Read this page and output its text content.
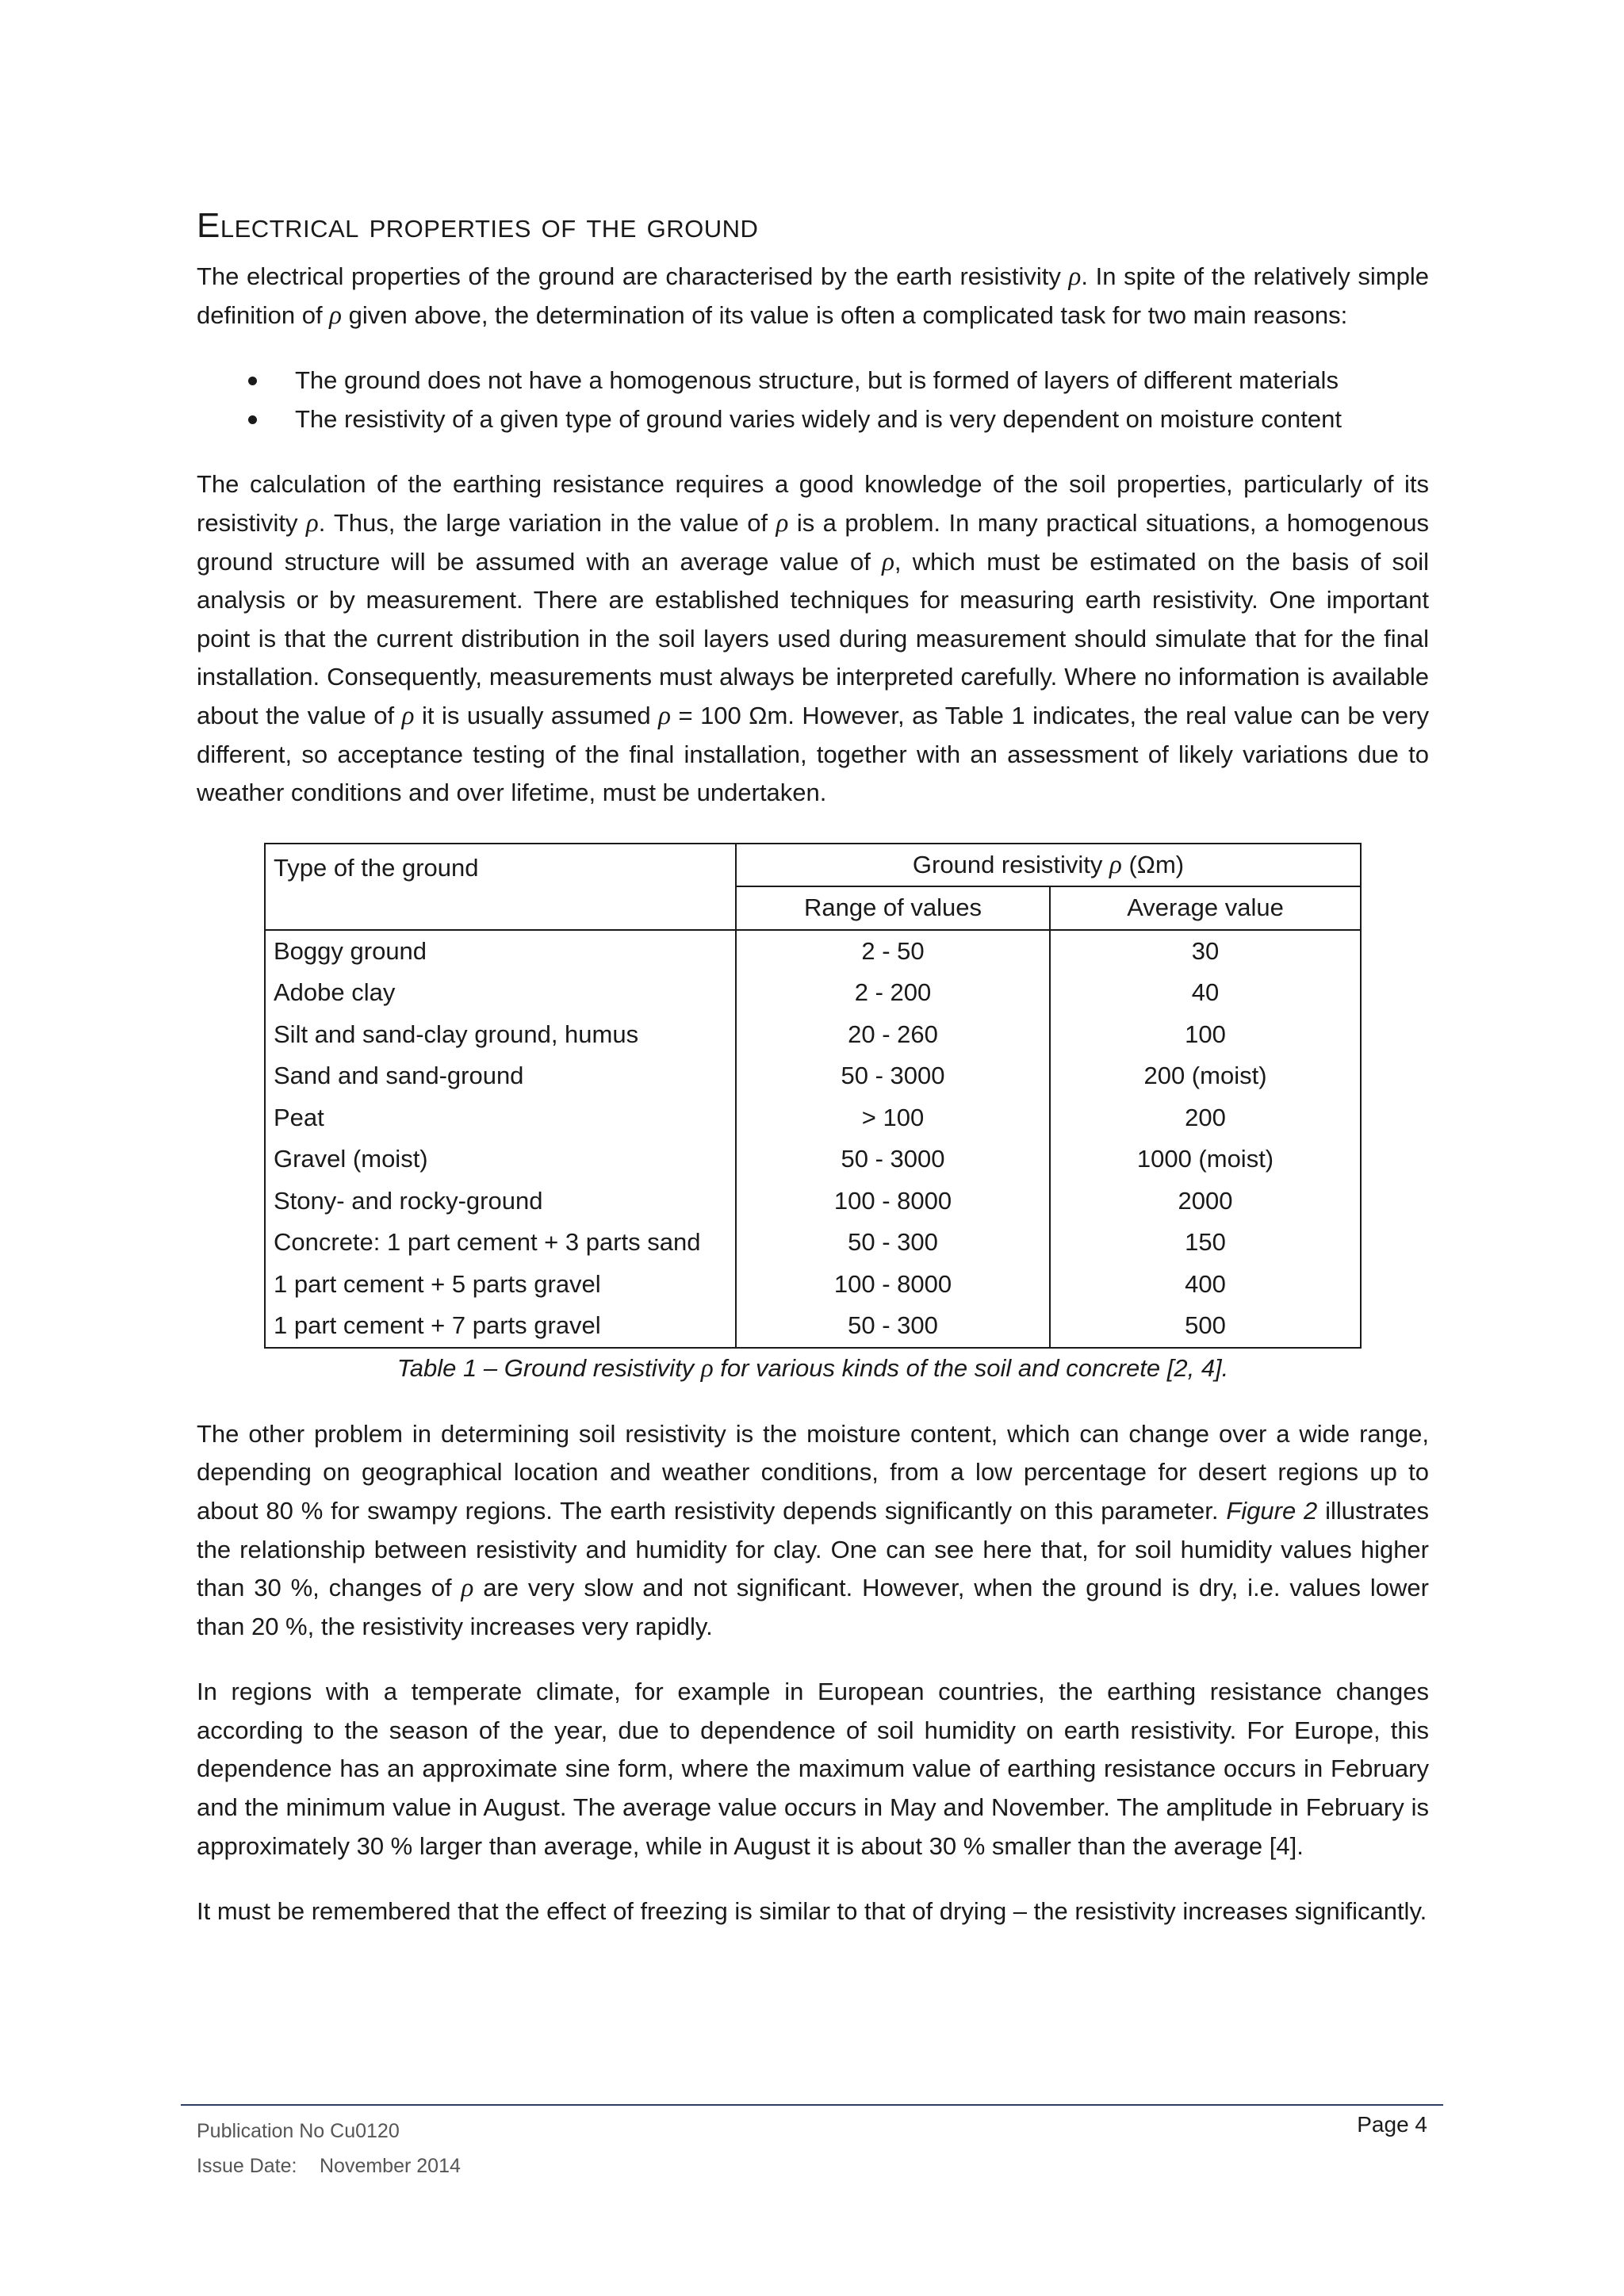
Electrical properties of the ground

The electrical properties of the ground are characterised by the earth resistivity ρ. In spite of the relatively simple definition of ρ given above, the determination of its value is often a complicated task for two main reasons:

The ground does not have a homogenous structure, but is formed of layers of different materials
The resistivity of a given type of ground varies widely and is very dependent on moisture content

The calculation of the earthing resistance requires a good knowledge of the soil properties, particularly of its resistivity ρ. Thus, the large variation in the value of ρ is a problem. In many practical situations, a homogenous ground structure will be assumed with an average value of ρ, which must be estimated on the basis of soil analysis or by measurement. There are established techniques for measuring earth resistivity. One important point is that the current distribution in the soil layers used during measurement should simulate that for the final installation. Consequently, measurements must always be interpreted carefully. Where no information is available about the value of ρ it is usually assumed ρ = 100 Ωm. However, as Table 1 indicates, the real value can be very different, so acceptance testing of the final installation, together with an assessment of likely variations due to weather conditions and over lifetime, must be undertaken.

Type of the ground	Ground resistivity ρ (Ωm)	
	Range of values	Average value
Boggy ground	2 - 50	30
Adobe clay	2 - 200	40
Silt and sand-clay ground, humus	20 - 260	100
Sand and sand-ground	50 - 3000	200 (moist)
Peat	> 100	200
Gravel (moist)	50 - 3000	1000 (moist)
Stony- and rocky-ground	100 - 8000	2000
Concrete: 1 part cement + 3 parts sand	50 - 300	150
1 part cement + 5 parts gravel	100 - 8000	400
1 part cement + 7 parts gravel	50 - 300	500
Table 1 – Ground resistivity ρ for various kinds of the soil and concrete [2, 4].

The other problem in determining soil resistivity is the moisture content, which can change over a wide range, depending on geographical location and weather conditions, from a low percentage for desert regions up to about 80 % for swampy regions. The earth resistivity depends significantly on this parameter. Figure 2 illustrates the relationship between resistivity and humidity for clay. One can see here that, for soil humidity values higher than 30 %, changes of ρ are very slow and not significant. However, when the ground is dry, i.e. values lower than 20 %, the resistivity increases very rapidly.

In regions with a temperate climate, for example in European countries, the earthing resistance changes according to the season of the year, due to dependence of soil humidity on earth resistivity. For Europe, this dependence has an approximate sine form, where the maximum value of earthing resistance occurs in February and the minimum value in August. The average value occurs in May and November. The amplitude in February is approximately 30 % larger than average, while in August it is about 30 % smaller than the average [4].

It must be remembered that the effect of freezing is similar to that of drying – the resistivity increases significantly.

Publication No Cu0120
Issue Date: November 2014
Page 4
